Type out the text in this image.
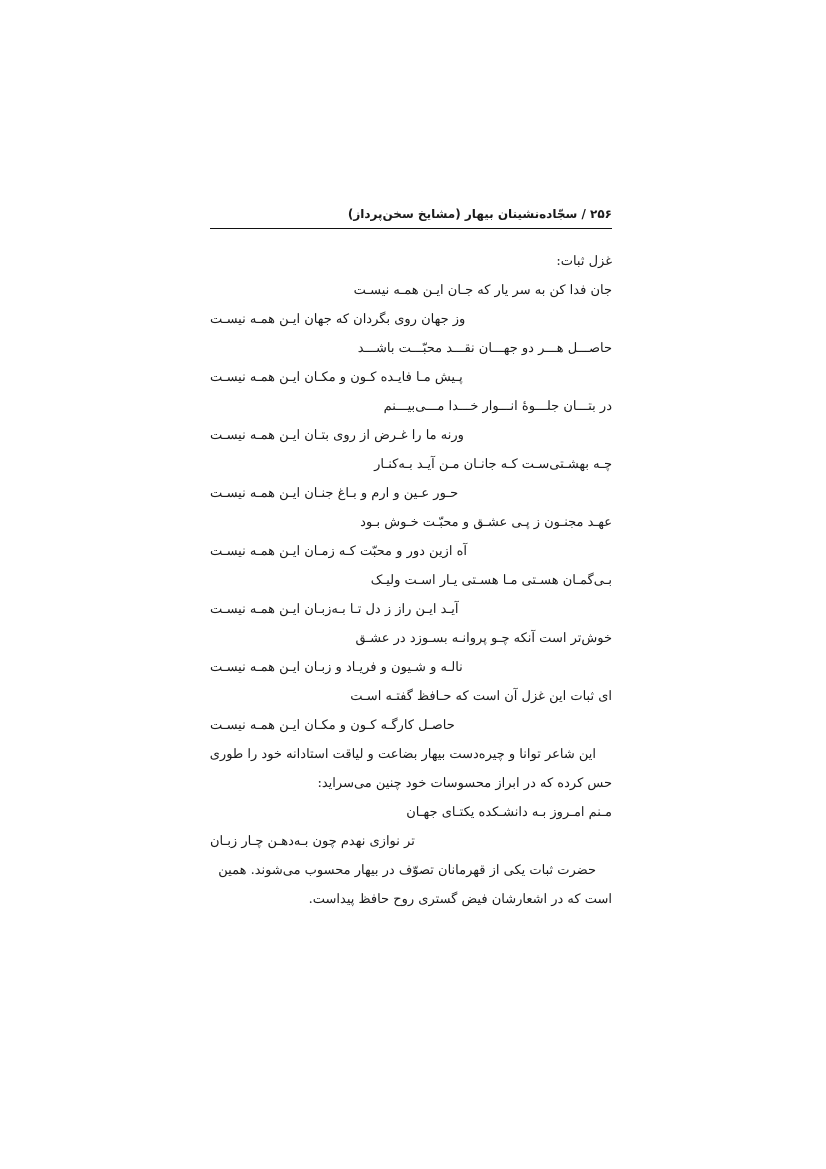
۲۵۶ / سجّاده‌نشینان بیهار (مشایخ سخن‌پرداز)
غزل ثبات:
جان فدا کن به سر یار که جـان ایـن همـه نیسـت
وز جهان روی بگردان که جهان ایـن همـه نیسـت
حاصـــل هـــر دو جهـــان نقـــد محبّـــت باشـــد
پـیش مـا فایـده کـون و مکـان ایـن همـه نیسـت
در بتـــان جلـــوهٔ انـــوار خـــدا مـــی‌بیـــنم
ورنه ما را غـرض از روی بتـان ایـن همـه نیسـت
چـه بهشـتی‌سـت کـه جانـان مـن آیـد بـه‌کنـار
حـور عـین و ارم و بـاغ جنـان ایـن همـه نیسـت
عهـد مجنـون ز پـی عشـق و محبّـت خـوش بـود
آه ازین دور و محبّت کـه زمـان ایـن همـه نیسـت
بـی‌گمـان هسـتی مـا هسـتی یـار اسـت ولیـک
آیـد ایـن راز ز دل تـا بـه‌زبـان ایـن همـه نیسـت
خوش‌تر است آنکه چـو پروانـه بسـوزد در عشـق
نالـه و شـیون و فریـاد و زبـان ایـن همـه نیسـت
ای ثبات این غزل آن است که حـافظ گفتـه اسـت
حاصـل کارگـه کـون و مکـان ایـن همـه نیسـت
این شاعر توانا و چیره‌دست بیهار بضاعت و لیاقت استادانه خود را طوری
حس کرده که در ابراز محسوسات خود چنین می‌سراید:
مـنم امـروز بـه دانشـکده یکتـای جهـان
تر نوازی نهدم چون بـه‌دهـن چـار زبـان
حضرت ثبات یکی از قهرمانان تصوّف در بیهار محسوب می‌شوند. همین
است که در اشعارشان فیض گستری روح حافظ پیداست.
